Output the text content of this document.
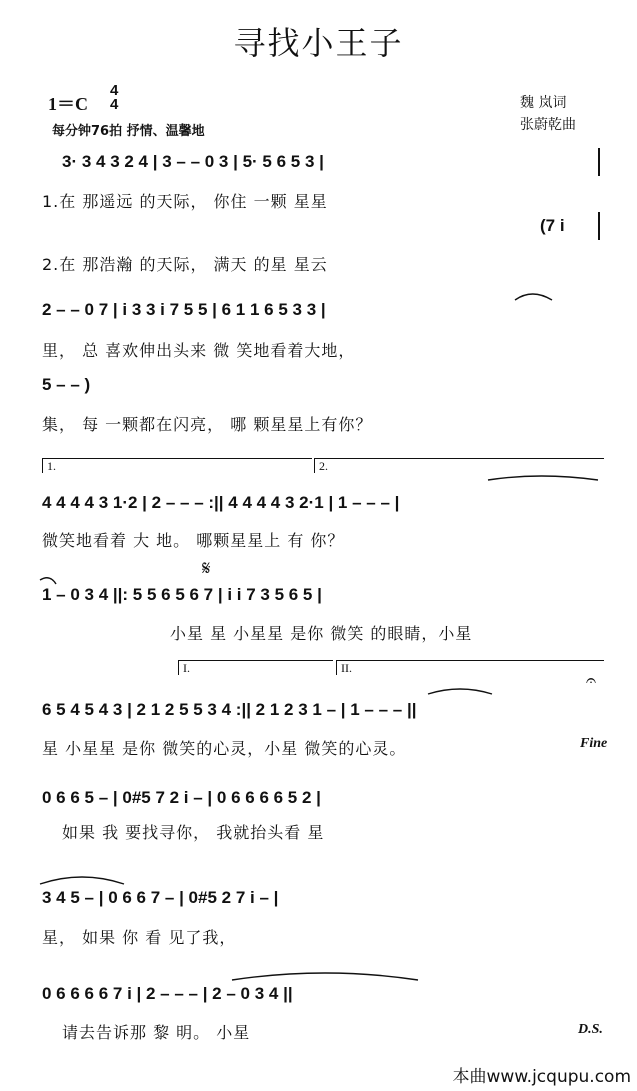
寻找小王子
1＝C
4
4
每分钟76拍 抒情、温馨地
魏 岚词
张蔚乾曲
3· 3 4 3 2 4 | 3 – – 0 3 | 5· 5 6 5 3 |
1.在 那遥远 的天际， 你住 一颗 星星
(7 i
2.在 那浩瀚 的天际， 满天 的星 星云
2 – – 0 7 | i 3 3 i 7 5 5 | 6 1 1 6 5 3 3 |
里， 总 喜欢伸出头来 微 笑地看着大地，
5 – – )
集， 每 一颗都在闪亮， 哪 颗星星上有你？
1.	2.
4 4 4 4 3 1·2 | 2 – – – :|| 4 4 4 4 3 2·1 | 1 – – – |
微笑地看着 大 地。 哪颗星星上 有 你？
𝄋
1 – 0 3 4 ||: 5 5 6 5 6 7 | i i 7 3 5 6 5 |
小星 星 小星星 是你 微笑 的眼睛，小星
I.	II.
𝄐
6 5 4 5 4 3 | 2 1 2 5 5 3 4 :|| 2 1 2 3 1 – | 1 – – – ||
星 小星星 是你 微笑的心灵，小星 微笑的心灵。	Fine
0 6 6 5 – | 0#5 7 2 i – | 0 6 6 6 6 5 2 |
如果 我 要找寻你， 我就抬头看 星
3 4 5 – | 0 6 6 7 – | 0#5 2 7 i – |
星， 如果 你 看 见了我，
0 6 6 6 6 7 i | 2 – – – | 2 – 0 3 4 ||
请去告诉那 黎 明。 小星	D.S.
本曲www.jcqupu.com
